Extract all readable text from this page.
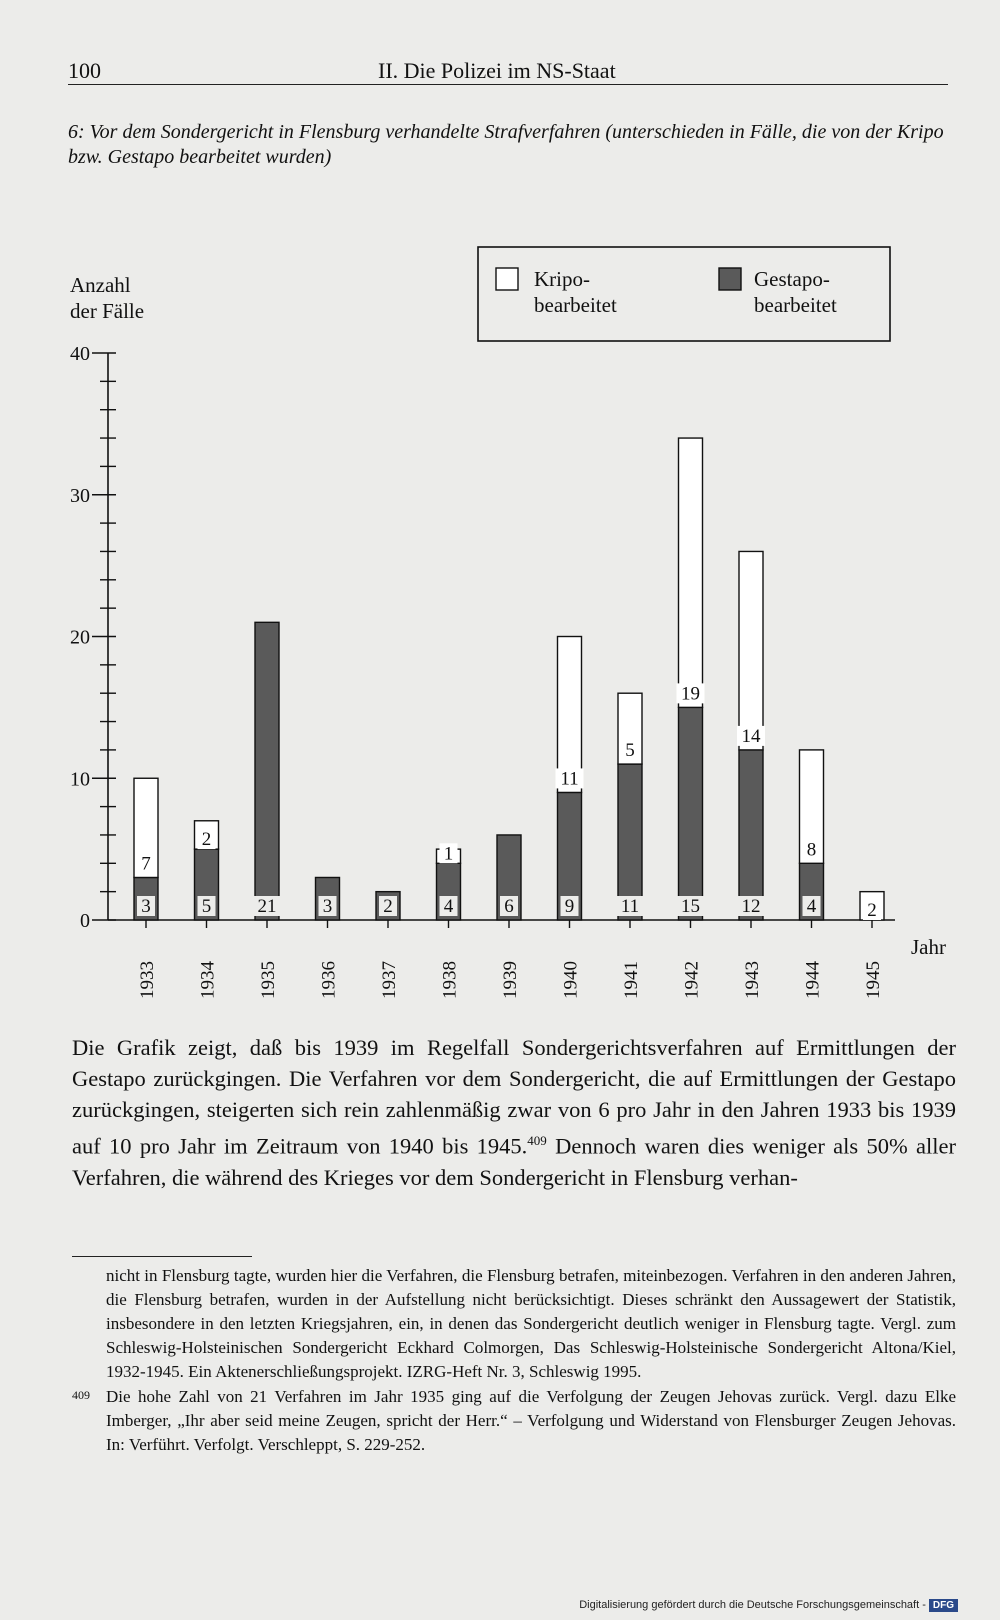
100	II. Die Polizei im NS-Staat
6: Vor dem Sondergericht in Flensburg verhandelte Strafverfahren (unterschieden in Fälle, die von der Kripo bzw. Gestapo bearbeitet wurden)
0
10
20
30
40
Anzahl
der Fälle
Jahr
Kripo-
bearbeitet
Gestapo-
bearbeitet
3
7
1933
5
2
1934
21
1935
3
1936
2
1937
4
1
1938
6
1939
9
11
1940
11
5
1941
15
19
1942
12
14
1943
4
8
1944
2
1945
Die Grafik zeigt, daß bis 1939 im Regelfall Sondergerichtsverfahren auf Ermittlungen der Gestapo zurückgingen. Die Verfahren vor dem Sondergericht, die auf Ermittlungen der Gestapo zurückgingen, steigerten sich rein zahlenmäßig zwar von 6 pro Jahr in den Jahren 1933 bis 1939 auf 10 pro Jahr im Zeitraum von 1940 bis 1945.$^{409}$ Dennoch waren dies weniger als 50% aller Verfahren, die während des Krieges vor dem Sondergericht in Flensburg verhan-
nicht in Flensburg tagte, wurden hier die Verfahren, die Flensburg betrafen, miteinbezogen. Verfahren in den anderen Jahren, die Flensburg betrafen, wurden in der Aufstellung nicht berücksichtigt. Dieses schränkt den Aussagewert der Statistik, insbesondere in den letzten Kriegsjahren, ein, in denen das Sondergericht deutlich weniger in Flensburg tagte. Vergl. zum Schleswig-Holsteinischen Sondergericht Eckhard Colmorgen, Das Schleswig-Holsteinische Sondergericht Altona/Kiel, 1932-1945. Ein Aktenerschließungsprojekt. IZRG-Heft Nr. 3, Schleswig 1995.
409 Die hohe Zahl von 21 Verfahren im Jahr 1935 ging auf die Verfolgung der Zeugen Jehovas zurück. Vergl. dazu Elke Imberger, „Ihr aber seid meine Zeugen, spricht der Herr.“ – Verfolgung und Widerstand von Flensburger Zeugen Jehovas. In: Verführt. Verfolgt. Verschleppt, S. 229-252.
Digitalisierung gefördert durch die Deutsche Forschungsgemeinschaft - DFG
